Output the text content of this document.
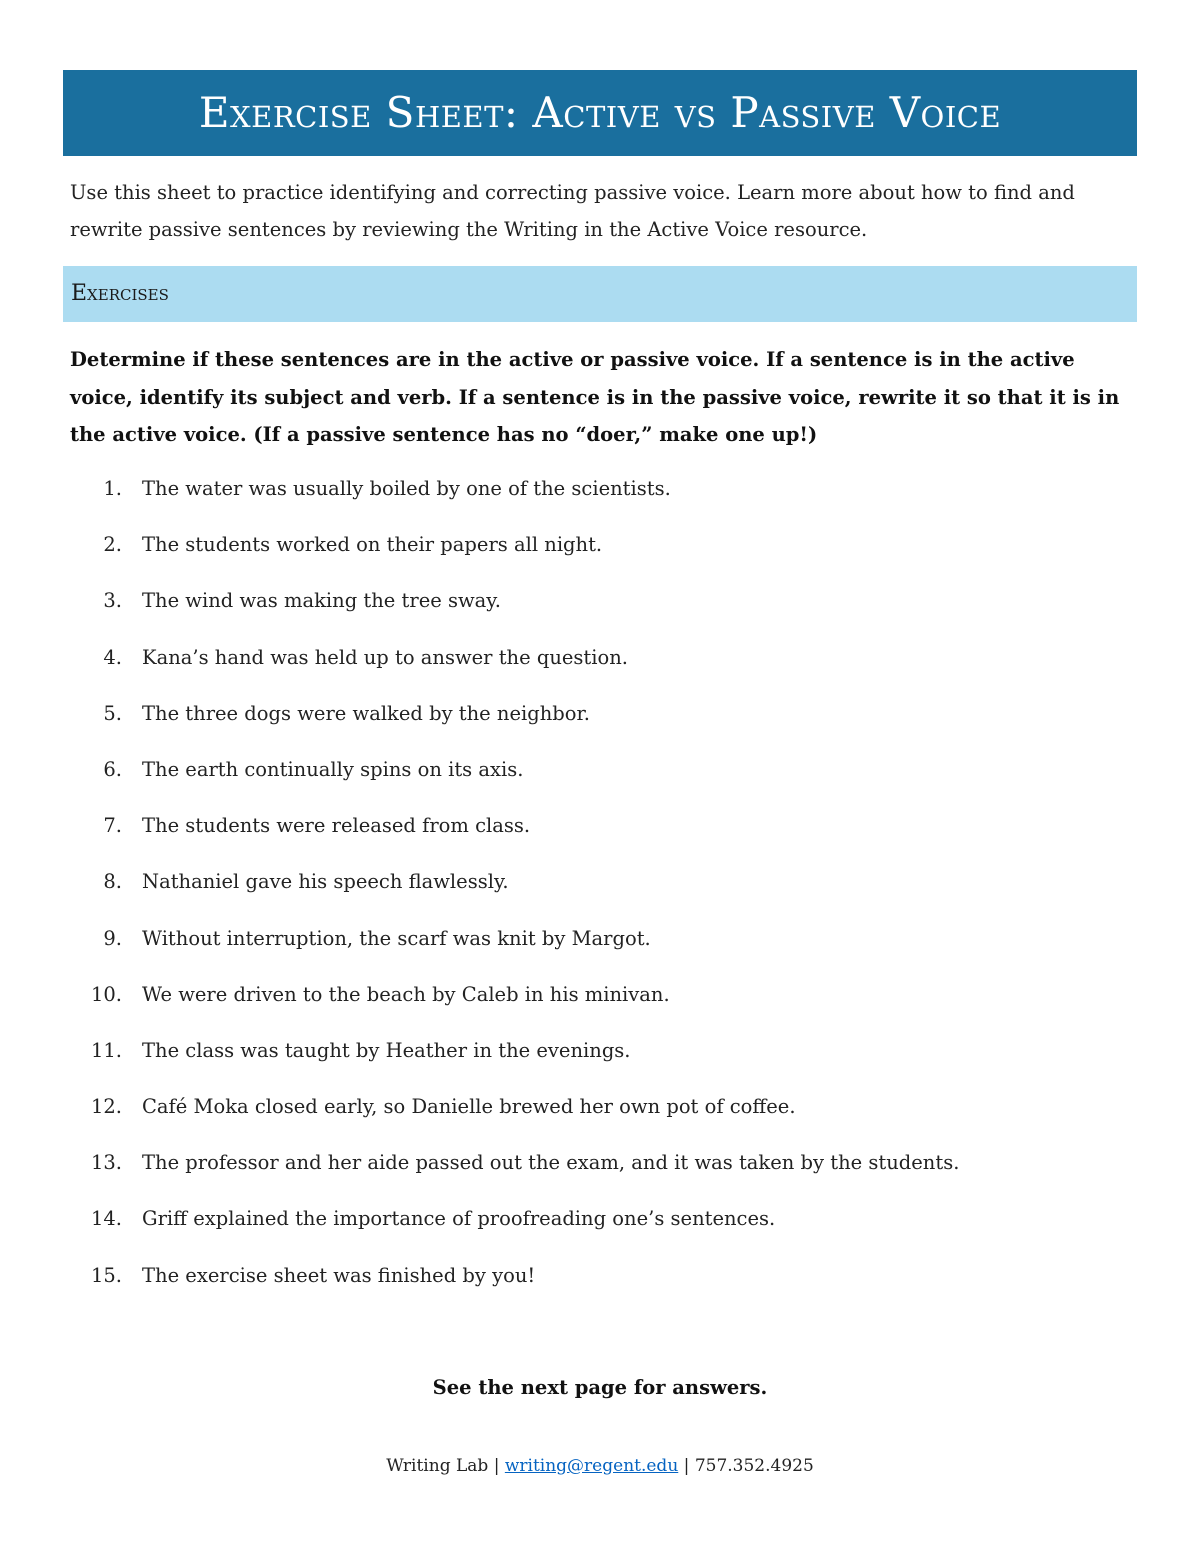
Exercise Sheet: Active vs Passive Voice

Use this sheet to practice identifying and correcting passive voice. Learn more about how to find and rewrite passive sentences by reviewing the Writing in the Active Voice resource.

Exercises

Determine if these sentences are in the active or passive voice. If a sentence is in the active voice, identify its subject and verb. If a sentence is in the passive voice, rewrite it so that it is in the active voice. (If a passive sentence has no “doer,” make one up!)

1. The water was usually boiled by one of the scientists.
2. The students worked on their papers all night.
3. The wind was making the tree sway.
4. Kana’s hand was held up to answer the question.
5. The three dogs were walked by the neighbor.
6. The earth continually spins on its axis.
7. The students were released from class.
8. Nathaniel gave his speech flawlessly.
9. Without interruption, the scarf was knit by Margot.
10. We were driven to the beach by Caleb in his minivan.
11. The class was taught by Heather in the evenings.
12. Café Moka closed early, so Danielle brewed her own pot of coffee.
13. The professor and her aide passed out the exam, and it was taken by the students.
14. Griff explained the importance of proofreading one’s sentences.
15. The exercise sheet was finished by you!
See the next page for answers.
Writing Lab | writing@regent.edu | 757.352.4925
